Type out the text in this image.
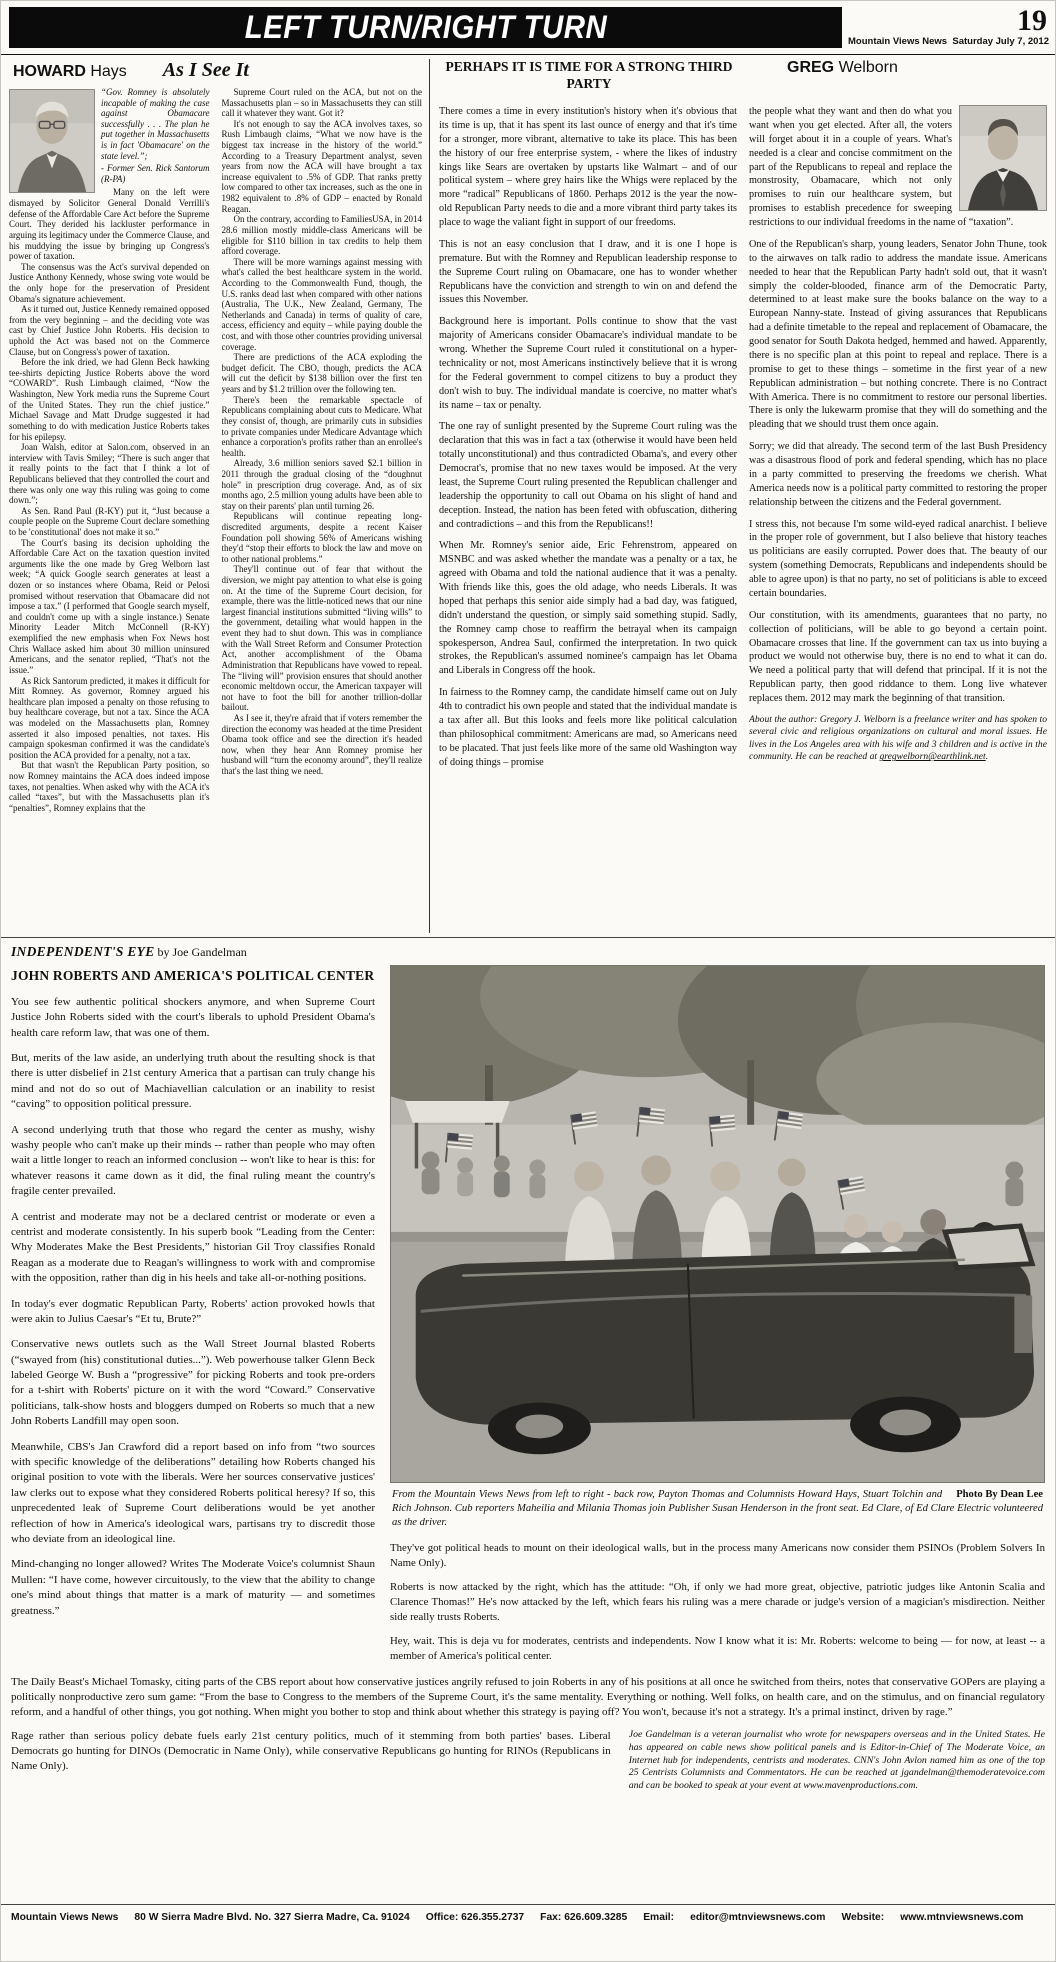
LEFT TURN/RIGHT TURN	19
Mountain Views News Saturday July 7, 2012
HOWARD Hays As I See It

“Gov. Romney is absolutely incapable of making the case against Obamacare successfully . . . The plan he put together in Massachusetts is in fact 'Obamacare' on the state level.”;

- Former Sen. Rick Santorum (R-PA)

Many on the left were dismayed by Solicitor General Donald Verrilli's defense of the Affordable Care Act before the Supreme Court. They derided his lackluster performance in arguing its legitimacy under the Commerce Clause, and his muddying the issue by bringing up Congress's power of taxation.

The consensus was the Act's survival depended on Justice Anthony Kennedy, whose swing vote would be the only hope for the preservation of President Obama's signature achievement.

As it turned out, Justice Kennedy remained opposed from the very beginning – and the deciding vote was cast by Chief Justice John Roberts. His decision to uphold the Act was based not on the Commerce Clause, but on Congress's power of taxation.

Before the ink dried, we had Glenn Beck hawking tee-shirts depicting Justice Roberts above the word “COWARD”. Rush Limbaugh claimed, “Now the Washington, New York media runs the Supreme Court of the United States. They run the chief justice.” Michael Savage and Matt Drudge suggested it had something to do with medication Justice Roberts takes for his epilepsy.

Joan Walsh, editor at Salon.com, observed in an interview with Tavis Smiley; “There is such anger that it really points to the fact that I think a lot of Republicans believed that they controlled the court and there was only one way this ruling was going to come down.”;

As Sen. Rand Paul (R-KY) put it, “Just because a couple people on the Supreme Court declare something to be 'constitutional' does not make it so.”

The Court's basing its decision upholding the Affordable Care Act on the taxation question invited arguments like the one made by Greg Welborn last week; “A quick Google search generates at least a dozen or so instances where Obama, Reid or Pelosi promised without reservation that Obamacare did not impose a tax.” (I performed that Google search myself, and couldn't come up with a single instance.) Senate Minority Leader Mitch McConnell (R-KY) exemplified the new emphasis when Fox News host Chris Wallace asked him about 30 million uninsured Americans, and the senator replied, “That's not the issue.”

As Rick Santorum predicted, it makes it difficult for Mitt Romney. As governor, Romney argued his healthcare plan imposed a penalty on those refusing to buy healthcare coverage, but not a tax. Since the ACA was modeled on the Massachusetts plan, Romney asserted it also imposed penalties, not taxes. His campaign spokesman confirmed it was the candidate's position the ACA provided for a penalty, not a tax.

But that wasn't the Republican Party position, so now Romney maintains the ACA does indeed impose taxes, not penalties. When asked why with the ACA it's called “taxes”, but with the Massachusetts plan it's “penalties”, Romney explains that the

Supreme Court ruled on the ACA, but not on the Massachusetts plan – so in Massachusetts they can still call it whatever they want. Got it?

It's not enough to say the ACA involves taxes, so Rush Limbaugh claims, “What we now have is the biggest tax increase in the history of the world.” According to a Treasury Department analyst, seven years from now the ACA will have brought a tax increase equivalent to .5% of GDP. That ranks pretty low compared to other tax increases, such as the one in 1982 equivalent to .8% of GDP – enacted by Ronald Reagan.

On the contrary, according to FamiliesUSA, in 2014 28.6 million mostly middle-class Americans will be eligible for $110 billion in tax credits to help them afford coverage.

There will be more warnings against messing with what's called the best healthcare system in the world. According to the Commonwealth Fund, though, the U.S. ranks dead last when compared with other nations (Australia, The U.K., New Zealand, Germany, The Netherlands and Canada) in terms of quality of care, access, efficiency and equity – while paying double the cost, and with those other countries providing universal coverage.

There are predictions of the ACA exploding the budget deficit. The CBO, though, predicts the ACA will cut the deficit by $138 billion over the first ten years and by $1.2 trillion over the following ten.

There's been the remarkable spectacle of Republicans complaining about cuts to Medicare. What they consist of, though, are primarily cuts in subsidies to private companies under Medicare Advantage which enhance a corporation's profits rather than an enrollee's health.

Already, 3.6 million seniors saved $2.1 billion in 2011 through the gradual closing of the “doughnut hole” in prescription drug coverage. And, as of six months ago, 2.5 million young adults have been able to stay on their parents' plan until turning 26.

Republicans will continue repeating long-discredited arguments, despite a recent Kaiser Foundation poll showing 56% of Americans wishing they'd “stop their efforts to block the law and move on to other national problems.”

They'll continue out of fear that without the diversion, we might pay attention to what else is going on. At the time of the Supreme Court decision, for example, there was the little-noticed news that our nine largest financial institutions submitted “living wills” to the government, detailing what would happen in the event they had to shut down. This was in compliance with the Wall Street Reform and Consumer Protection Act, another accomplishment of the Obama Administration that Republicans have vowed to repeal. The “living will” provision ensures that should another economic meltdown occur, the American taxpayer will not have to foot the bill for another trillion-dollar bailout.

As I see it, they're afraid that if voters remember the direction the economy was headed at the time President Obama took office and see the direction it's headed now, when they hear Ann Romney promise her husband will “turn the economy around”, they'll realize that's the last thing we need.

PERHAPS IT IS TIME FOR A STRONG THIRD PARTY
GREG Welborn

There comes a time in every institution's history when it's obvious that its time is up, that it has spent its last ounce of energy and that it's time for a stronger, more vibrant, alternative to take its place. This has been the history of our free enterprise system, - where the likes of industry kings like Sears are overtaken by upstarts like Walmart – and of our political system – where grey hairs like the Whigs were replaced by the more “radical” Republicans of 1860. Perhaps 2012 is the year the now-old Republican Party needs to die and a more vibrant third party takes its place to wage the valiant fight in support of our freedoms.

This is not an easy conclusion that I draw, and it is one I hope is premature. But with the Romney and Republican leadership response to the Supreme Court ruling on Obamacare, one has to wonder whether Republicans have the conviction and strength to win on and defend the issues this November.

Background here is important. Polls continue to show that the vast majority of Americans consider Obamacare's individual mandate to be wrong. Whether the Supreme Court ruled it constitutional on a hyper-technicality or not, most Americans instinctively believe that it is wrong for the Federal government to compel citizens to buy a product they don't wish to buy. The individual mandate is coercive, no matter what's its name – tax or penalty.

The one ray of sunlight presented by the Supreme Court ruling was the declaration that this was in fact a tax (otherwise it would have been held totally unconstitutional) and thus contradicted Obama's, and every other Democrat's, promise that no new taxes would be imposed. At the very least, the Supreme Court ruling presented the Republican challenger and leadership the opportunity to call out Obama on his slight of hand and deception. Instead, the nation has been feted with obfuscation, dithering and contradictions – and this from the Republicans!!

When Mr. Romney's senior aide, Eric Fehrenstrom, appeared on MSNBC and was asked whether the mandate was a penalty or a tax, he agreed with Obama and told the national audience that it was a penalty. With friends like this, goes the old adage, who needs Liberals. It was hoped that perhaps this senior aide simply had a bad day, was fatigued, didn't understand the question, or simply said something stupid. Sadly, the Romney camp chose to reaffirm the betrayal when its campaign spokesperson, Andrea Saul, confirmed the interpretation. In two quick strokes, the Republican's assumed nominee's campaign has let Obama and Liberals in Congress off the hook.

In fairness to the Romney camp, the candidate himself came out on July 4th to contradict his own people and stated that the individual mandate is a tax after all. But this looks and feels more like political calculation than philosophical commitment: Americans are mad, so Americans need to be placated. That just feels like more of the same old Washington way of doing things – promise

the people what they want and then do what you want when you get elected. After all, the voters will forget about it in a couple of years. What's needed is a clear and concise commitment on the part of the Republicans to repeal and replace the monstrosity, Obamacare, which not only promises to ruin our healthcare system, but promises to establish precedence for sweeping restrictions to our individual freedoms in the name of “taxation”.

One of the Republican's sharp, young leaders, Senator John Thune, took to the airwaves on talk radio to address the mandate issue. Americans needed to hear that the Republican Party hadn't sold out, that it wasn't simply the colder-blooded, finance arm of the Democratic Party, determined to at least make sure the books balance on the way to a European Nanny-state. Instead of giving assurances that Republicans had a definite timetable to the repeal and replacement of Obamacare, the good senator for South Dakota hedged, hemmed and hawed. Apparently, there is no specific plan at this point to repeal and replace. There is a promise to get to these things – sometime in the first year of a new Republican administration – but nothing concrete. There is no Contract With America. There is no commitment to restore our personal liberties. There is only the lukewarm promise that they will do something and the pleading that we should trust them once again.

Sorry; we did that already. The second term of the last Bush Presidency was a disastrous flood of pork and federal spending, which has no place in a party committed to preserving the freedoms we cherish. What America needs now is a political party committed to restoring the proper relationship between the citizens and the Federal government.

I stress this, not because I'm some wild-eyed radical anarchist. I believe in the proper role of government, but I also believe that history teaches us politicians are easily corrupted. Power does that. The beauty of our system (something Democrats, Republicans and independents should be able to agree upon) is that no party, no set of politicians is able to exceed certain boundaries.

Our constitution, with its amendments, guarantees that no party, no collection of politicians, will be able to go beyond a certain point. Obamacare crosses that line. If the government can tax us into buying a product we would not otherwise buy, there is no end to what it can do. We need a political party that will defend that principal. If it is not the Republican party, then good riddance to them. Long live whatever replaces them. 2012 may mark the beginning of that transition.

About the author: Gregory J. Welborn is a freelance writer and has spoken to several civic and religious organizations on cultural and moral issues. He lives in the Los Angeles area with his wife and 3 children and is active in the community. He can be reached at gregwelborn@earthlink.net.

INDEPENDENT'S EYE by Joe Gandelman
JOHN ROBERTS AND AMERICA'S POLITICAL CENTER

You see few authentic political shockers anymore, and when Supreme Court Justice John Roberts sided with the court's liberals to uphold President Obama's health care reform law, that was one of them.

But, merits of the law aside, an underlying truth about the resulting shock is that there is utter disbelief in 21st century America that a partisan can truly change his mind and not do so out of Machiavellian calculation or an inability to resist “caving” to opposition political pressure.

A second underlying truth that those who regard the center as mushy, wishy washy people who can't make up their minds -- rather than people who may often wait a little longer to reach an informed conclusion -- won't like to hear is this: for whatever reasons it came down as it did, the final ruling meant the country's fragile center prevailed.

A centrist and moderate may not be a declared centrist or moderate or even a centrist and moderate consistently. In his superb book “Leading from the Center: Why Moderates Make the Best Presidents,” historian Gil Troy classifies Ronald Reagan as a moderate due to Reagan's willingness to work with and compromise with the opposition, rather than dig in his heels and take all-or-nothing positions.

In today's ever dogmatic Republican Party, Roberts' action provoked howls that were akin to Julius Caesar's “Et tu, Brute?”

Conservative news outlets such as the Wall Street Journal blasted Roberts (“swayed from (his) constitutional duties...”). Web powerhouse talker Glenn Beck labeled George W. Bush a “progressive” for picking Roberts and took pre-orders for a t-shirt with Roberts' picture on it with the word “Coward.” Conservative politicians, talk-show hosts and bloggers dumped on Roberts so much that a new John Roberts Landfill may open soon.

Meanwhile, CBS's Jan Crawford did a report based on info from “two sources with specific knowledge of the deliberations” detailing how Roberts changed his original position to vote with the liberals. Were her sources conservative justices' law clerks out to expose what they considered Roberts political heresy? If so, this unprecedented leak of Supreme Court deliberations would be yet another reflection of how in America's ideological wars, partisans try to discredit those who deviate from an ideological line.

Mind-changing no longer allowed? Writes The Moderate Voice's columnist Shaun Mullen: “I have come, however circuitously, to the view that the ability to change one's mind about things that matter is a mark of maturity — and sometimes greatness.”

Photo By Dean Lee
From the Mountain Views News from left to right - back row, Payton Thomas and Columnists Howard Hays, Stuart Tolchin and Rich Johnson. Cub reporters Maheilia and Milania Thomas join Publisher Susan Henderson in the front seat. Ed Clare, of Ed Clare Electric volunteered as the driver.

They've got political heads to mount on their ideological walls, but in the process many Americans now consider them PSINOs (Problem Solvers In Name Only).

Roberts is now attacked by the right, which has the attitude: “Oh, if only we had more great, objective, patriotic judges like Antonin Scalia and Clarence Thomas!” He's now attacked by the left, which fears his ruling was a mere charade or judge's version of a magician's misdirection. Neither side really trusts Roberts.

Hey, wait. This is deja vu for moderates, centrists and independents. Now I know what it is: Mr. Roberts: welcome to being — for now, at least -- a member of America's political center.

The Daily Beast's Michael Tomasky, citing parts of the CBS report about how conservative justices angrily refused to join Roberts in any of his positions at all once he switched from theirs, notes that conservative GOPers are playing a politically nonproductive zero sum game: “From the base to Congress to the members of the Supreme Court, it's the same mentality. Everything or nothing. Well folks, on health care, and on the stimulus, and on financial regulatory reform, and a handful of other things, you got nothing. When might you bother to stop and think about whether this strategy is paying off? You won't, because it's not a strategy. It's a primal instinct, driven by rage.”

Rage rather than serious policy debate fuels early 21st century politics, much of it stemming from both parties' bases. Liberal Democrats go hunting for DINOs (Democratic in Name Only), while conservative Republicans go hunting for RINOs (Republicans in Name Only).

Joe Gandelman is a veteran journalist who wrote for newspapers overseas and in the United States. He has appeared on cable news show political panels and is Editor-in-Chief of The Moderate Voice, an Internet hub for independents, centrists and moderates. CNN's John Avlon named him as one of the top 25 Centrists Columnists and Commentators. He can be reached at jgandelman@themoderatevoice.com and can be booked to speak at your event at www.mavenproductions.com.

Mountain Views News 80 W Sierra Madre Blvd. No. 327 Sierra Madre, Ca. 91024 Office: 626.355.2737 Fax: 626.609.3285 Email: editor@mtnviewsnews.com Website: www.mtnviewsnews.com
